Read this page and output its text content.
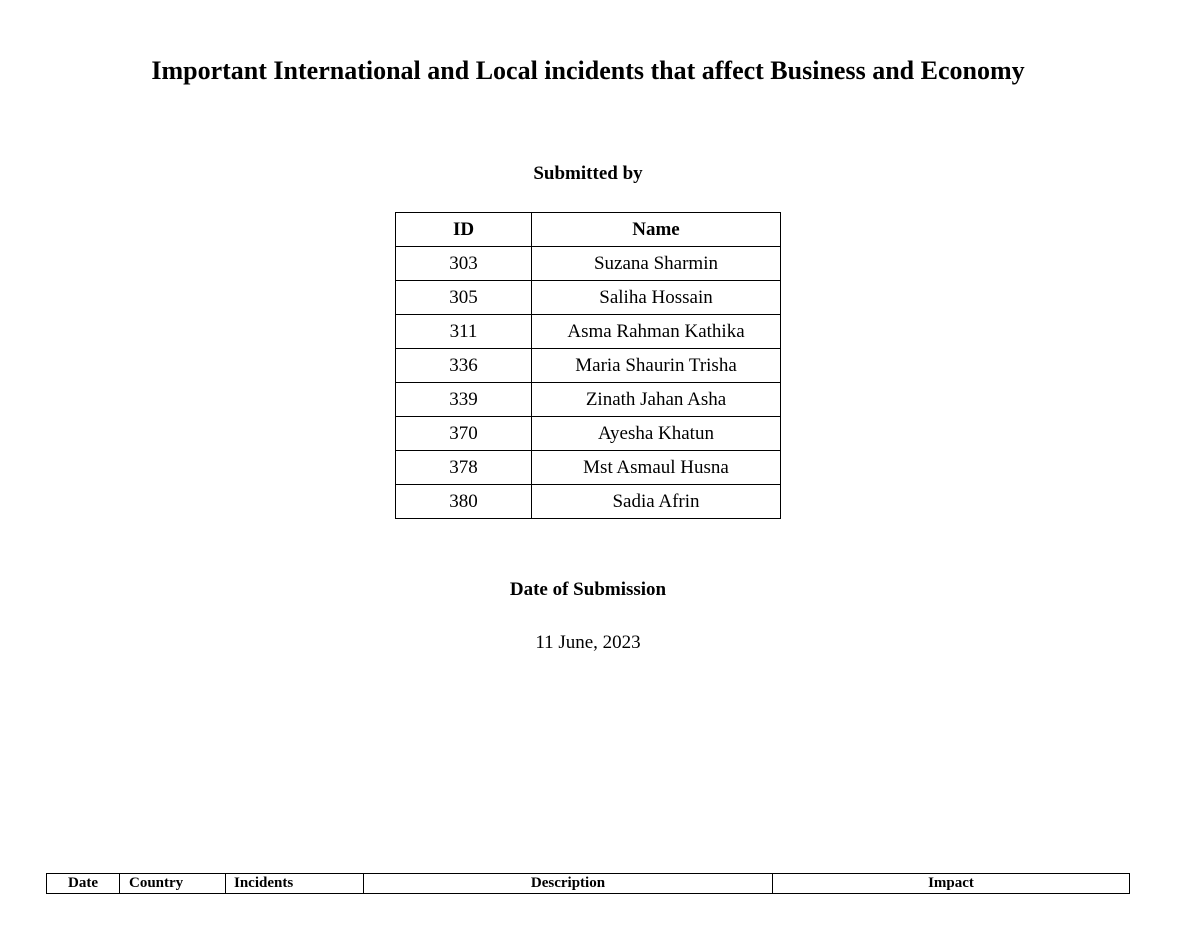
Important International and Local incidents that affect Business and Economy
Submitted by
ID	Name
303	Suzana Sharmin
305	Saliha Hossain
311	Asma Rahman Kathika
336	Maria Shaurin Trisha
339	Zinath Jahan Asha
370	Ayesha Khatun
378	Mst Asmaul Husna
380	Sadia Afrin
Date of Submission
11 June, 2023
Date	Country	Incidents	Description	Impact
